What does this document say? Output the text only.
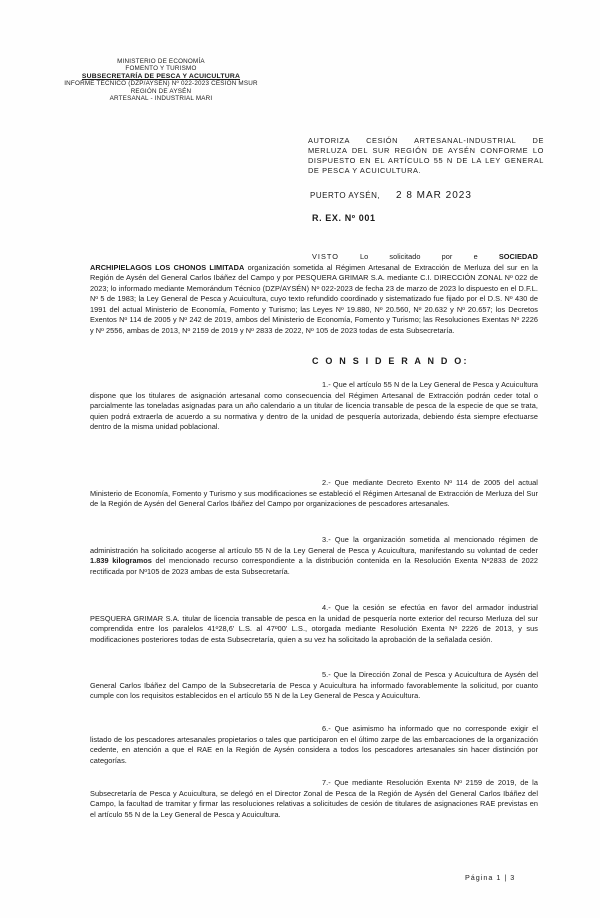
MINISTERIO DE ECONOMÍA
FOMENTO Y TURISMO
SUBSECRETARÍA DE PESCA Y ACUICULTURA
INFORME TÉCNICO (DZP/AYSÉN) Nº 022-2023 CESIÓN MSUR
REGIÓN DE AYSÉN
ARTESANAL - INDUSTRIAL MARI
AUTORIZA CESIÓN ARTESANAL-INDUSTRIAL DE MERLUZA DEL SUR REGIÓN DE AYSÉN CONFORME LO DISPUESTO EN EL ARTÍCULO 55 N DE LA LEY GENERAL DE PESCA Y ACUICULTURA.
PUERTO AYSÉN, 2 8 MAR 2023
R. EX. Nº 001

VISTO	Lo solicitado por	e	SOCIEDAD

ARCHIPIELAGOS LOS CHONOS LIMITADA organización sometida al Régimen Artesanal de Extracción de Merluza del sur en la Región de Aysén del General Carlos Ibáñez del Campo y por PESQUERA GRIMAR S.A. mediante C.I. DIRECCIÓN ZONAL Nº 022 de 2023; lo informado mediante Memorándum Técnico (DZP/AYSÉN) Nº 022-2023 de fecha 23 de marzo de 2023 lo dispuesto en el D.F.L. Nº 5 de 1983; la Ley General de Pesca y Acuicultura, cuyo texto refundido coordinado y sistematizado fue fijado por el D.S. Nº 430 de 1991 del actual Ministerio de Economía, Fomento y Turismo; las Leyes Nº 19.880, Nº 20.560, Nº 20.632 y Nº 20.657; los Decretos Exentos Nº 114 de 2005 y Nº 242 de 2019, ambos del Ministerio de Economía, Fomento y Turismo; las Resoluciones Exentas Nº 2226 y Nº 2556, ambas de 2013, Nº 2159 de 2019 y Nº 2833 de 2022, Nº 105 de 2023 todas de esta Subsecretaría.

C O N S I D E R A N D O:

1.- Que el artículo 55 N de la Ley General de Pesca y Acuicultura dispone que los titulares de asignación artesanal como consecuencia del Régimen Artesanal de Extracción podrán ceder total o parcialmente las toneladas asignadas para un año calendario a un titular de licencia transable de pesca de la especie de que se trata, quien podrá extraerla de acuerdo a su normativa y dentro de la unidad de pesquería autorizada, debiendo ésta siempre efectuarse dentro de la misma unidad poblacional.

2.- Que mediante Decreto Exento Nº 114 de 2005 del actual Ministerio de Economía, Fomento y Turismo y sus modificaciones se estableció el Régimen Artesanal de Extracción de Merluza del Sur de la Región de Aysén del General Carlos Ibáñez del Campo por organizaciones de pescadores artesanales.

3.- Que la organización sometida al mencionado régimen de administración ha solicitado acogerse al artículo 55 N de la Ley General de Pesca y Acuicultura, manifestando su voluntad de ceder 1.839 kilogramos del mencionado recurso correspondiente a la distribución contenida en la Resolución Exenta Nº2833 de 2022 rectificada por Nº105 de 2023 ambas de esta Subsecretaría.

4.- Que la cesión se efectúa en favor del armador industrial PESQUERA GRIMAR S.A. titular de licencia transable de pesca en la unidad de pesquería norte exterior del recurso Merluza del sur comprendida entre los paralelos 41º28,6' L.S. al 47º00' L.S., otorgada mediante Resolución Exenta Nº 2226 de 2013, y sus modificaciones posteriores todas de esta Subsecretaría, quien a su vez ha solicitado la aprobación de la señalada cesión.

5.- Que la Dirección Zonal de Pesca y Acuicultura de Aysén del General Carlos Ibáñez del Campo de la Subsecretaría de Pesca y Acuicultura ha informado favorablemente la solicitud, por cuanto cumple con los requisitos establecidos en el artículo 55 N de la Ley General de Pesca y Acuicultura.

6.- Que asimismo ha informado que no corresponde exigir el listado de los pescadores artesanales propietarios o tales que participaron en el último zarpe de las embarcaciones de la organización cedente, en atención a que el RAE en la Región de Aysén considera a todos los pescadores artesanales sin hacer distinción por categorías.

7.- Que mediante Resolución Exenta Nº 2159 de 2019, de la Subsecretaría de Pesca y Acuicultura, se delegó en el Director Zonal de Pesca de la Región de Aysén del General Carlos Ibáñez del Campo, la facultad de tramitar y firmar las resoluciones relativas a solicitudes de cesión de titulares de asignaciones RAE previstas en el artículo 55 N de la Ley General de Pesca y Acuicultura.

Página 1 | 3
